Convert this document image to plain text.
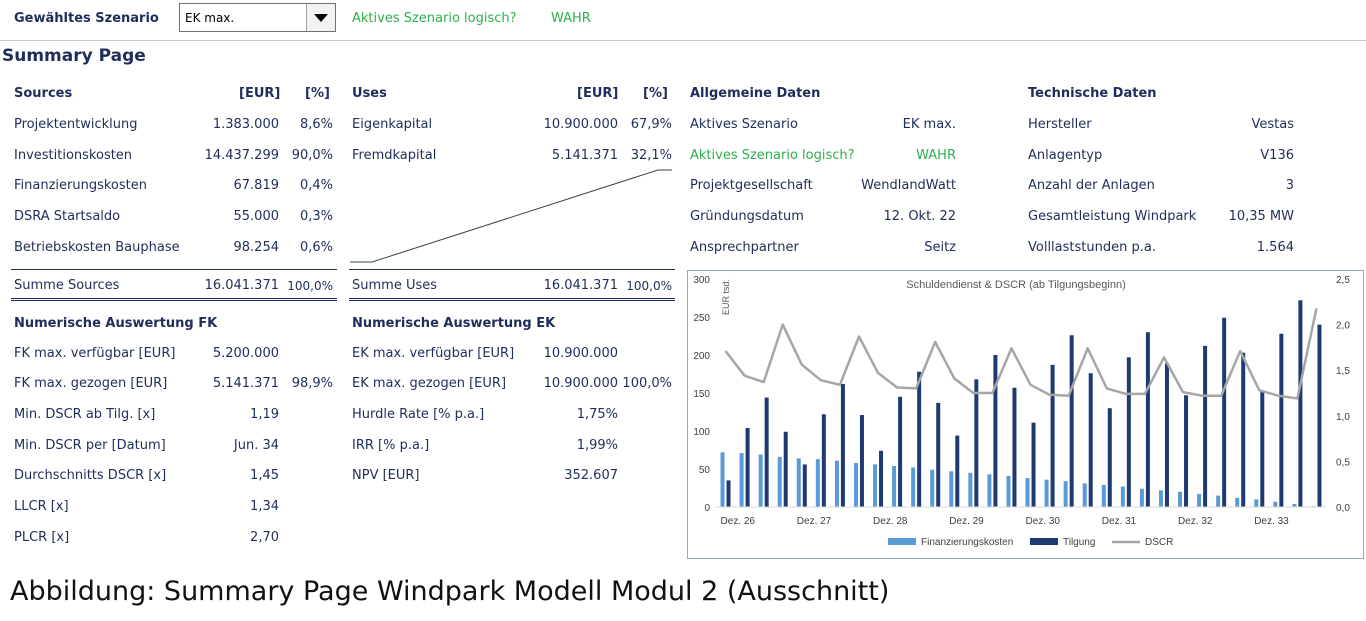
Gewähltes Szenario EK max.	Aktives Szenario logisch?	WAHR
Summary Page
Sources	[EUR] [%]
Projektentwicklung	1.383.000 8,6%
Investitionskosten	14.437.299 90,0%
Finanzierungskosten	67.819 0,4%
DSRA Startsaldo	55.000 0,3%
Betriebskosten Bauphase	98.254 0,6%
Summe Sources	16.041.371 100,0%
Uses	[EUR] [%]
Eigenkapital	10.900.000 67,9%
Fremdkapital	5.141.371 32,1%
Summe Uses	16.041.371 100,0%
Allgemeine Daten
Aktives Szenario	EK max.
Aktives Szenario logisch?	WAHR
Projektgesellschaft	WendlandWatt
Gründungsdatum	12. Okt. 22
Ansprechpartner	Seitz
Technische Daten
Hersteller	Vestas
Anlagentyp	V136
Anzahl der Anlagen	3
Gesamtleistung Windpark 10,35 MW
Volllaststunden p.a.	1.564
Numerische Auswertung FK
FK max. verfügbar [EUR]	5.200.000
FK max. gezogen [EUR]	5.141.371 98,9%
Min. DSCR ab Tilg. [x]	1,19
Min. DSCR per [Datum]	Jun. 34
Durchschnitts DSCR [x]	1,45
LLCR [x]	1,34
PLCR [x]	2,70
Numerische Auswertung EK
EK max. verfügbar [EUR] 10.900.000
EK max. gezogen [EUR]	10.900.000 100,0%
Hurdle Rate [% p.a.]	1,75%
IRR [% p.a.]	1,99%
NPV [EUR]	352.607
Schuldendienst & DSCR (ab Tilgungsbeginn)
EUR tsd.
0
50
100
150
200
250
300
0,0
0,5
1,0
1,5
2,0
2,5
Dez. 26	Dez. 27	Dez. 28	Dez. 29	Dez. 30	Dez. 31	Dez. 32	Dez. 33
Finanzierungskosten	Tilgung	DSCR
Abbildung: Summary Page Windpark Modell Modul 2 (Ausschnitt)
